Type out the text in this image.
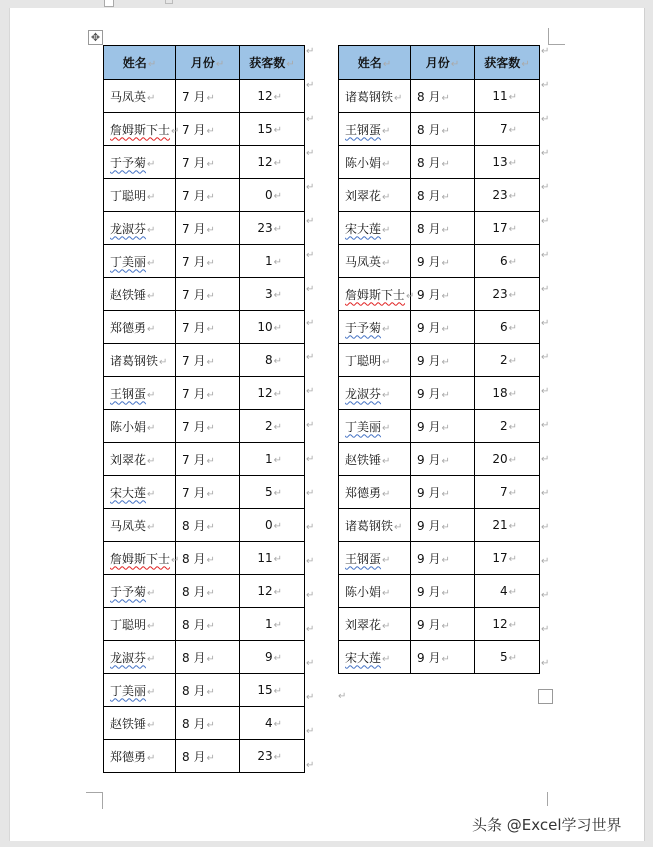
✥
姓名↵	月份↵	获客数↵
马凤英↵	7 月↵	12↵
詹姆斯下士↵	7 月↵	15↵
于予菊↵	7 月↵	12↵
丁聪明↵	7 月↵	0↵
龙淑芬↵	7 月↵	23↵
丁美丽↵	7 月↵	1↵
赵铁锤↵	7 月↵	3↵
郑德勇↵	7 月↵	10↵
诸葛钢铁↵	7 月↵	8↵
王钢蛋↵	7 月↵	12↵
陈小娟↵	7 月↵	2↵
刘翠花↵	7 月↵	1↵
宋大莲↵	7 月↵	5↵
马凤英↵	8 月↵	0↵
詹姆斯下士↵	8 月↵	11↵
于予菊↵	8 月↵	12↵
丁聪明↵	8 月↵	1↵
龙淑芬↵	8 月↵	9↵
丁美丽↵	8 月↵	15↵
赵铁锤↵	8 月↵	4↵
郑德勇↵	8 月↵	23↵
姓名↵	月份↵	获客数↵
诸葛钢铁↵	8 月↵	11↵
王钢蛋↵	8 月↵	7↵
陈小娟↵	8 月↵	13↵
刘翠花↵	8 月↵	23↵
宋大莲↵	8 月↵	17↵
马凤英↵	9 月↵	6↵
詹姆斯下士↵	9 月↵	23↵
于予菊↵	9 月↵	6↵
丁聪明↵	9 月↵	2↵
龙淑芬↵	9 月↵	18↵
丁美丽↵	9 月↵	2↵
赵铁锤↵	9 月↵	20↵
郑德勇↵	9 月↵	7↵
诸葛钢铁↵	9 月↵	21↵
王钢蛋↵	9 月↵	17↵
陈小娟↵	9 月↵	4↵
刘翠花↵	9 月↵	12↵
宋大莲↵	9 月↵	5↵
↵
↵
↵
↵
↵
↵
↵
↵
↵
↵
↵
↵
↵
↵
↵
↵
↵
↵
↵
↵
↵
↵
↵
↵
↵
↵
↵
↵
↵
↵
↵
↵
↵
↵
↵
↵
↵
↵
↵
↵
↵
↵
头条 @Excel学习世界
